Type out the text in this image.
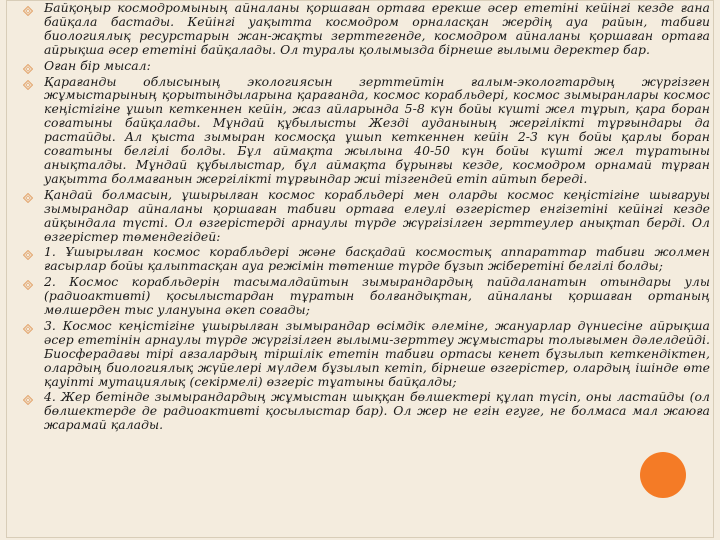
Байқоңыр космодромының айналаны қоршаған ортаға ерекше әсер ететіні кейінгі кезде ғана байқала бастады. Кейінгі уақытта космодром орналасқан жердің ауа райын, табиғи биологиялық ресурстарын жан-жақты зерттегенде, космодром айналаны қоршаған ортаға айрықша әсер ететіні байқалады. Ол туралы қолымызда бірнеше ғылыми деректер бар.
Оған бір мысал:
Қарағанды облысының экологиясын зерттейтін ғалым-экологтардың жүргізген жұмыстарының қорытындыларына қарағанда, космос корабльдері, космос зымыранлары космос кеңістігіне ұшып кеткеннен кейін, жаз айларында 5-8 күн бойы күшті жел тұрып, қара боран соғатыны байқалады. Мұндай құбылысты Жезді ауданының жергілікті тұрғындары да растайды. Ал қыста зымыран космосқа ұшып кеткеннен кейін 2-3 күн бойы қарлы боран соғатыны белгілі болды. Бұл аймақта жылына 40-50 күн бойы күшті жел тұратыны анықталды. Мұндай құбылыстар, бұл аймақта бұрынғы кезде, космодром орнамай тұрған уақытта болмағанын жергілікті тұрғындар жиі тізгендей етіп айтып береді.
Қандай болмасын, ұшырылған космос корабльдері мен оларды космос кеңістігіне шығаруы зымырандар айналаны қоршаған табиғи ортаға елеулі өзгерістер енгізетіні кейінгі кезде айқындала түсті. Ол өзгерістерді арнаулы түрде жүргізілген зерттеулер анықтап берді. Ол өзгерістер төмендегідей:
1. Ұшырылған космос корабльдері және басқадай космостық аппараттар табиғи жолмен ғасырлар бойы қалыптасқан ауа режімін төтенше түрде бұзып жіберетіні белгілі болды;
2. Космос корабльдерін тасымалдайтын зымырандардың пайдаланатын отындары улы (радиоактивті) қосылыстардан тұратын болғандықтан, айналаны қоршаған ортаның мөлшерден тыс улануына әкеп соғады;
3. Космос кеңістігіне ұшырылған зымырандар өсімдік әлеміне, жануарлар дүниесіне айрықша әсер ететінін арнаулы түрде жүргізілген ғылыми-зерттеу жұмыстары толығымен дәлелдейді. Биосферадағы тірі ағзалардың тіршілік ететін табиғи ортасы кенет бұзылып кеткендіктен, олардың биологиялық жүйелері мүлдем бұзылып кетіп, бірнеше өзгерістер, олардың ішінде өте қауіпті мутациялық (секірмелі) өзгеріс тұатыны байқалды;
4. Жер бетінде зымырандардың жұмыстан шыққан бөлшектері құлап түсіп, оны ластайды (ол бөлшектерде де радиоактивті қосылыстар бар). Ол жер не егін егуге, не болмаса мал жаюға жарамай қалады.
